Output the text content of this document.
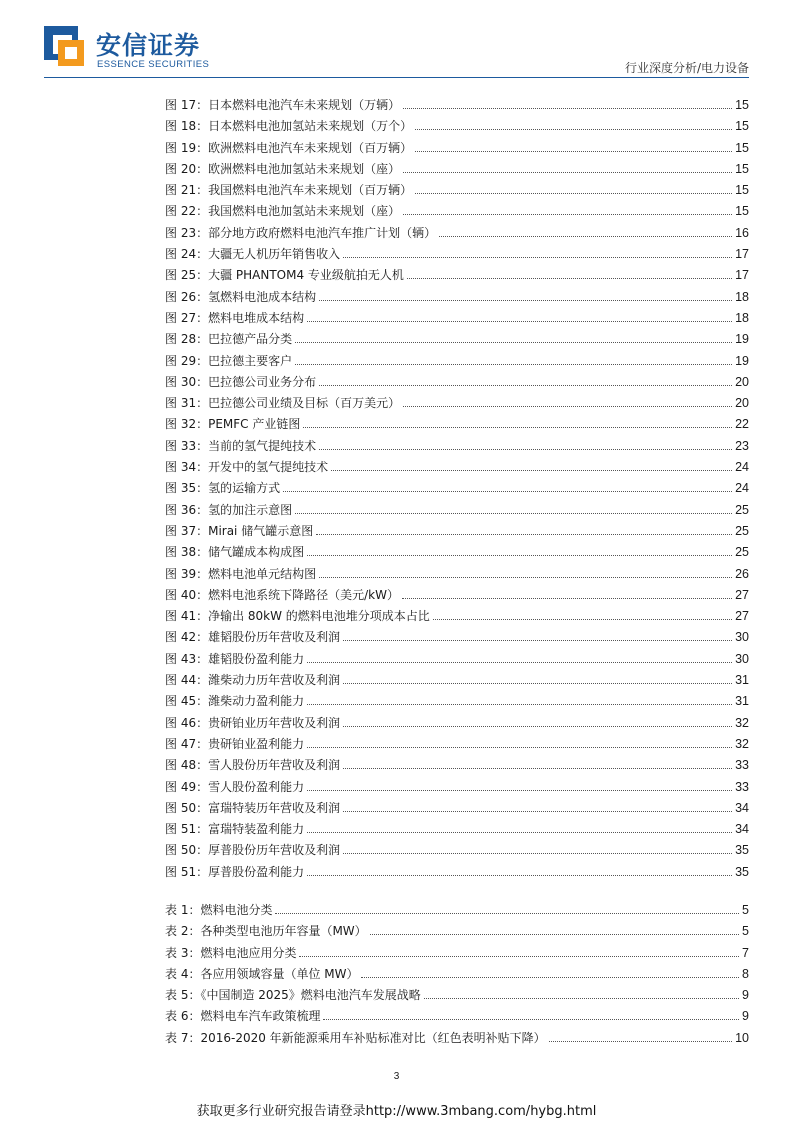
安信证券
ESSENCE SECURITIES	行业深度分析/电力设备
图 17：日本燃料电池汽车未来规划（万辆）	15
图 18：日本燃料电池加氢站未来规划（万个）	15
图 19：欧洲燃料电池汽车未来规划（百万辆）	15
图 20：欧洲燃料电池加氢站未来规划（座）	15
图 21：我国燃料电池汽车未来规划（百万辆）	15
图 22：我国燃料电池加氢站未来规划（座）	15
图 23：部分地方政府燃料电池汽车推广计划（辆）	16
图 24：大疆无人机历年销售收入	17
图 25：大疆 PHANTOM4 专业级航拍无人机	17
图 26：氢燃料电池成本结构	18
图 27：燃料电堆成本结构	18
图 28：巴拉德产品分类	19
图 29：巴拉德主要客户	19
图 30：巴拉德公司业务分布	20
图 31：巴拉德公司业绩及目标（百万美元）	20
图 32：PEMFC 产业链图	22
图 33：当前的氢气提纯技术	23
图 34：开发中的氢气提纯技术	24
图 35：氢的运输方式	24
图 36：氢的加注示意图	25
图 37：Mirai 储气罐示意图	25
图 38：储气罐成本构成图	25
图 39：燃料电池单元结构图	26
图 40：燃料电池系统下降路径（美元/kW）	27
图 41：净输出 80kW 的燃料电池堆分项成本占比	27
图 42：雄韬股份历年营收及利润	30
图 43：雄韬股份盈利能力	30
图 44：潍柴动力历年营收及利润	31
图 45：潍柴动力盈利能力	31
图 46：贵研铂业历年营收及利润	32
图 47：贵研铂业盈利能力	32
图 48：雪人股份历年营收及利润	33
图 49：雪人股份盈利能力	33
图 50：富瑞特装历年营收及利润	34
图 51：富瑞特装盈利能力	34
图 50：厚普股份历年营收及利润	35
图 51：厚普股份盈利能力	35
表 1：燃料电池分类	5
表 2：各种类型电池历年容量（MW）	5
表 3：燃料电池应用分类	7
表 4：各应用领域容量（单位 MW）	8
表 5：《中国制造 2025》燃料电池汽车发展战略	9
表 6：燃料电车汽车政策梳理	9
表 7：2016-2020 年新能源乘用车补贴标准对比（红色表明补贴下降）	10
3
获取更多行业研究报告请登录http://www.3mbang.com/hybg.html
